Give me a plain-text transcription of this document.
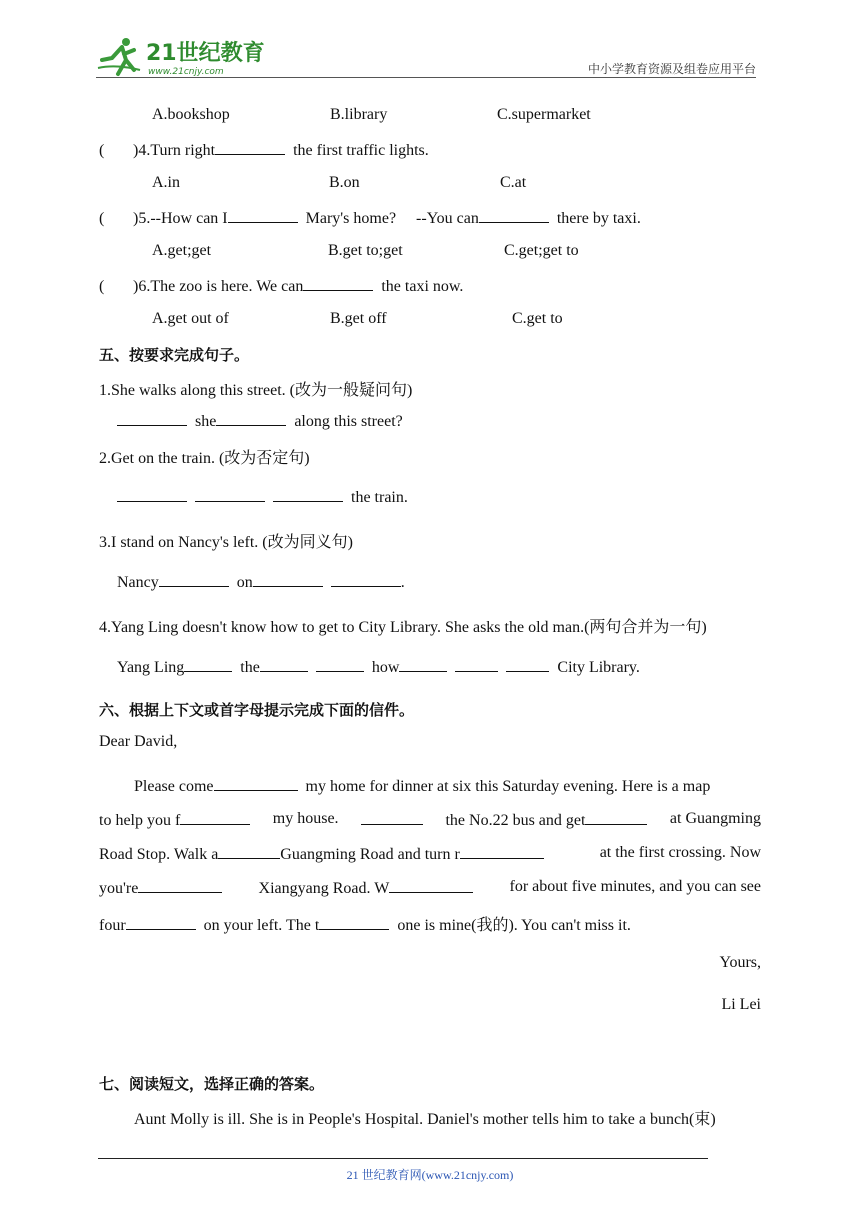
21世纪教育
www.21cnjy.com	中小学教育资源及组卷应用平台
A.bookshop	B.library	C.supermarket
( )4.Turn right	the first traffic lights.
A.in	B.on	C.at
( )5.--How can I	Mary's home? --You can	there by taxi.
A.get;get	B.get to;get	C.get;get to
( )6.The zoo is here. We can	the taxi now.
A.get out of	B.get off	C.get to
五、按要求完成句子。
1.She walks along this street. (改为一般疑问句)
she	along this street?
2.Get on the train. (改为否定句)
the train.
3.I stand on Nancy's left. (改为同义句)
Nancy	on	.
4.Yang Ling doesn't know how to get to City Library. She asks the old man.(两句合并为一句)
Yang Ling	the	how	City Library.
六、根据上下文或首字母提示完成下面的信件。
Dear David,
Please come	my home for dinner at six this Saturday evening. Here is a map
to help you f	my house.	the No.22 bus and get	at Guangming
Road Stop. Walk a	Guangming Road and turn r	at the first crossing. Now
you're	Xiangyang Road. W	for about five minutes, and you can see
four	on your left. The t	one is mine(我的). You can't miss it.
Yours,
Li Lei
七、阅读短文，选择正确的答案。
Aunt Molly is ill. She is in People's Hospital. Daniel's mother tells him to take a bunch(束)
21 世纪教育网(www.21cnjy.com)
